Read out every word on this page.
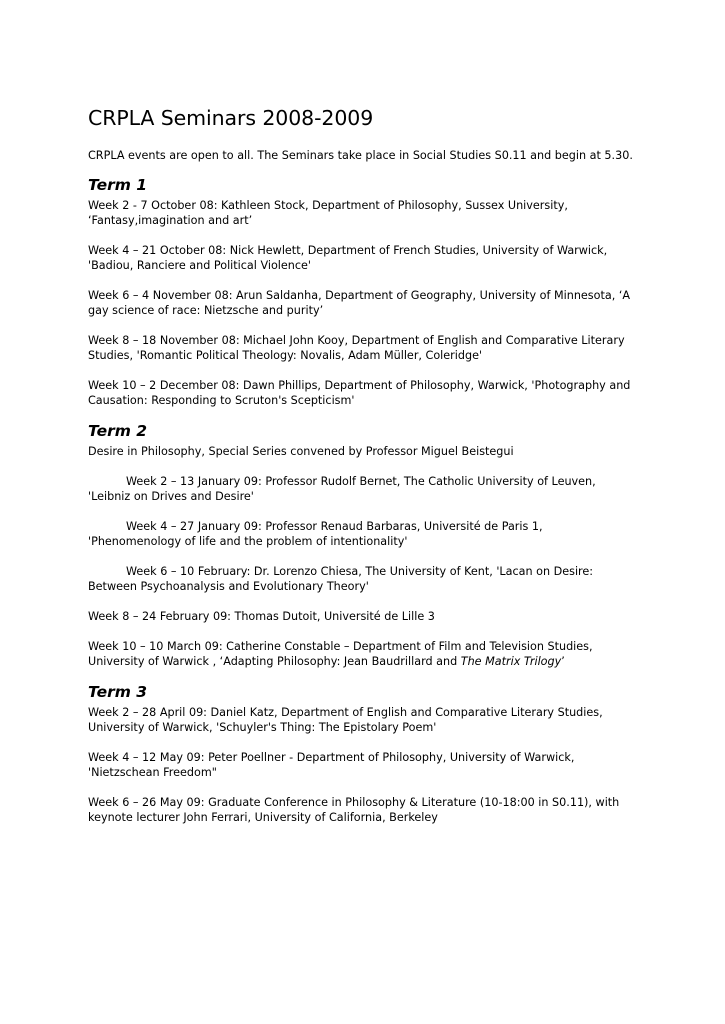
CRPLA Seminars 2008-2009

CRPLA events are open to all. The Seminars take place in Social Studies S0.11 and begin at 5.30.

Term 1

Week 2 - 7 October 08: Kathleen Stock, Department of Philosophy, Sussex University,

‘Fantasy,imagination and art’

Week 4 – 21 October 08: Nick Hewlett, Department of French Studies, University of Warwick,

'Badiou, Ranciere and Political Violence'

Week 6 – 4 November 08: Arun Saldanha, Department of Geography, University of Minnesota, ‘A

gay science of race: Nietzsche and purity’

Week 8 – 18 November 08: Michael John Kooy, Department of English and Comparative Literary

Studies, 'Romantic Political Theology: Novalis, Adam Müller, Coleridge'

Week 10 – 2 December 08: Dawn Phillips, Department of Philosophy, Warwick, 'Photography and

Causation: Responding to Scruton's Scepticism'

Term 2

Desire in Philosophy, Special Series convened by Professor Miguel Beistegui

Week 2 – 13 January 09: Professor Rudolf Bernet, The Catholic University of Leuven,

'Leibniz on Drives and Desire'

Week 4 – 27 January 09: Professor Renaud Barbaras, Université de Paris 1,

'Phenomenology of life and the problem of intentionality'

Week 6 – 10 February: Dr. Lorenzo Chiesa, The University of Kent, 'Lacan on Desire:

Between Psychoanalysis and Evolutionary Theory'

Week 8 – 24 February 09: Thomas Dutoit, Université de Lille 3

Week 10 – 10 March 09: Catherine Constable – Department of Film and Television Studies,

University of Warwick , ‘Adapting Philosophy: Jean Baudrillard and The Matrix Trilogy’

Term 3

Week 2 – 28 April 09: Daniel Katz, Department of English and Comparative Literary Studies,

University of Warwick, 'Schuyler's Thing: The Epistolary Poem'

Week 4 – 12 May 09: Peter Poellner - Department of Philosophy, University of Warwick,

'Nietzschean Freedom"

Week 6 – 26 May 09: Graduate Conference in Philosophy & Literature (10-18:00 in S0.11), with

keynote lecturer John Ferrari, University of California, Berkeley
